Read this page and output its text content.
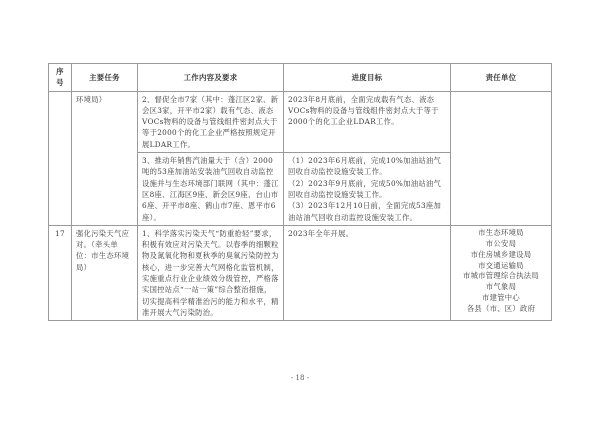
序号	主要任务	工作内容及要求	进度目标	责任单位
	环境局）	2、督促全市7家（其中：蓬江区2家、新会区3家，开平市2家）载有气态、液态VOCs物料的设备与管线组件密封点大于等于2000个的化工企业严格按照规定开展LDAR工作。	2023年8月底前，全面完成载有气态、液态VOCs物料的设备与管线组件密封点大于等于2000个的化工企业LDAR工作。	
		3、推动年销售汽油量大于（含）2000吨的53座加油站安装油气回收自动监控设施并与生态环境部门联网（其中：蓬江区8座、江海区9座、新会区9座、台山市6座、开平市8座、鹤山市7座、恩平市6座）。	（1）2023年6月底前，完成10%加油站油气回收自动监控设施安装工作。
（2）2023年9月底前，完成50%加油站油气回收自动监控设施安装工作。
（3）2023年12月10日前，全面完成53座加油站油气回收自动监控设施安装工作。	

17	强化污染天气应对。（牵头单位：市生态环境局）	1、科学落实污染天气“防重抢轻”要求，积极有效应对污染天气。以春季的细颗粒物及氮氧化物和夏秋季的臭氧污染防控为核心，进一步完善大气网格化监管机制，实施重点行业企业绩效分级管控，严格落实国控站点“一站一策”综合整治措施，切实提高科学精准治污的能力和水平，精准开展大气污染防治。	2023年全年开展。	市生态环境局
市公安局
市住房城乡建设局
市交通运输局
市城市管理综合执法局
市气象局
市建管中心
各县（市、区）政府
- 18 -
